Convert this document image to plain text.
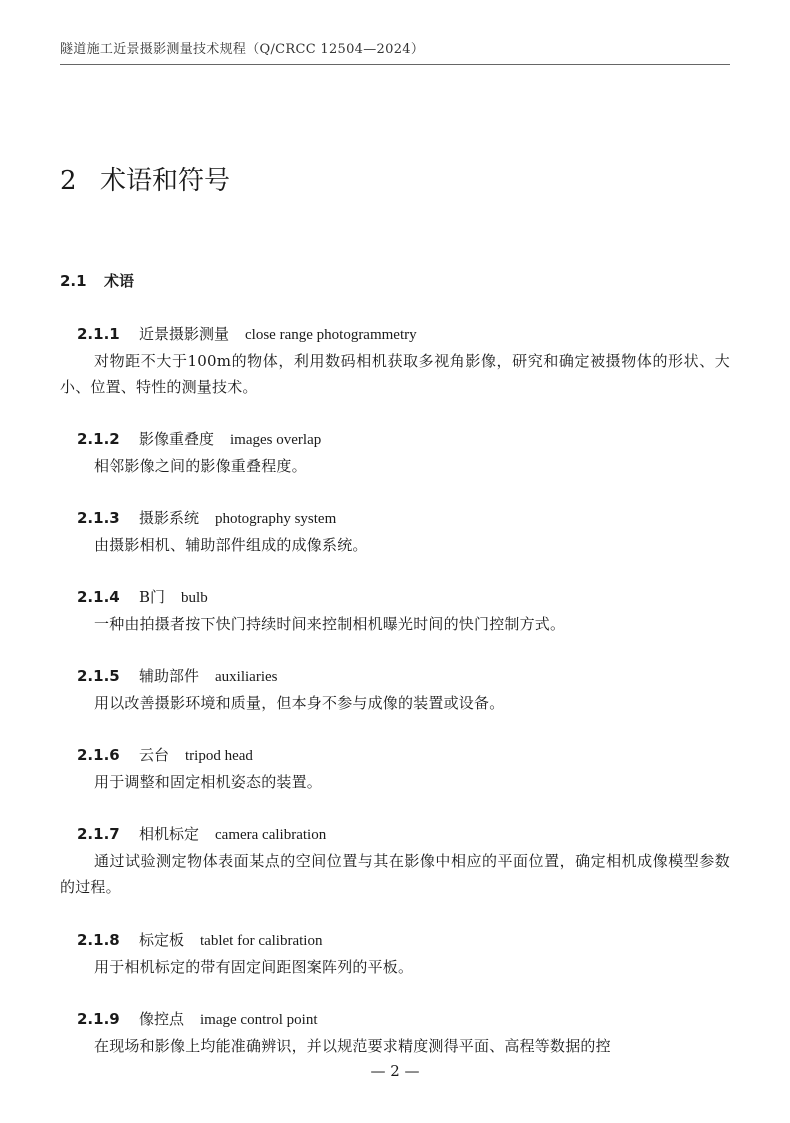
隧道施工近景摄影测量技术规程（Q/CRCC 12504—2024）
2 术语和符号
2.1 术语
2.1.1 近景摄影测量 close range photogrammetry
对物距不大于100m的物体，利用数码相机获取多视角影像，研究和确定被摄物体的形状、大小、位置、特性的测量技术。
2.1.2 影像重叠度 images overlap
相邻影像之间的影像重叠程度。
2.1.3 摄影系统 photography system
由摄影相机、辅助部件组成的成像系统。
2.1.4 B门 bulb
一种由拍摄者按下快门持续时间来控制相机曝光时间的快门控制方式。
2.1.5 辅助部件 auxiliaries
用以改善摄影环境和质量，但本身不参与成像的装置或设备。
2.1.6 云台 tripod head
用于调整和固定相机姿态的装置。
2.1.7 相机标定 camera calibration
通过试验测定物体表面某点的空间位置与其在影像中相应的平面位置，确定相机成像模型参数的过程。
2.1.8 标定板 tablet for calibration
用于相机标定的带有固定间距图案阵列的平板。
2.1.9 像控点 image control point
在现场和影像上均能准确辨识，并以规范要求精度测得平面、高程等数据的控
— 2 —
